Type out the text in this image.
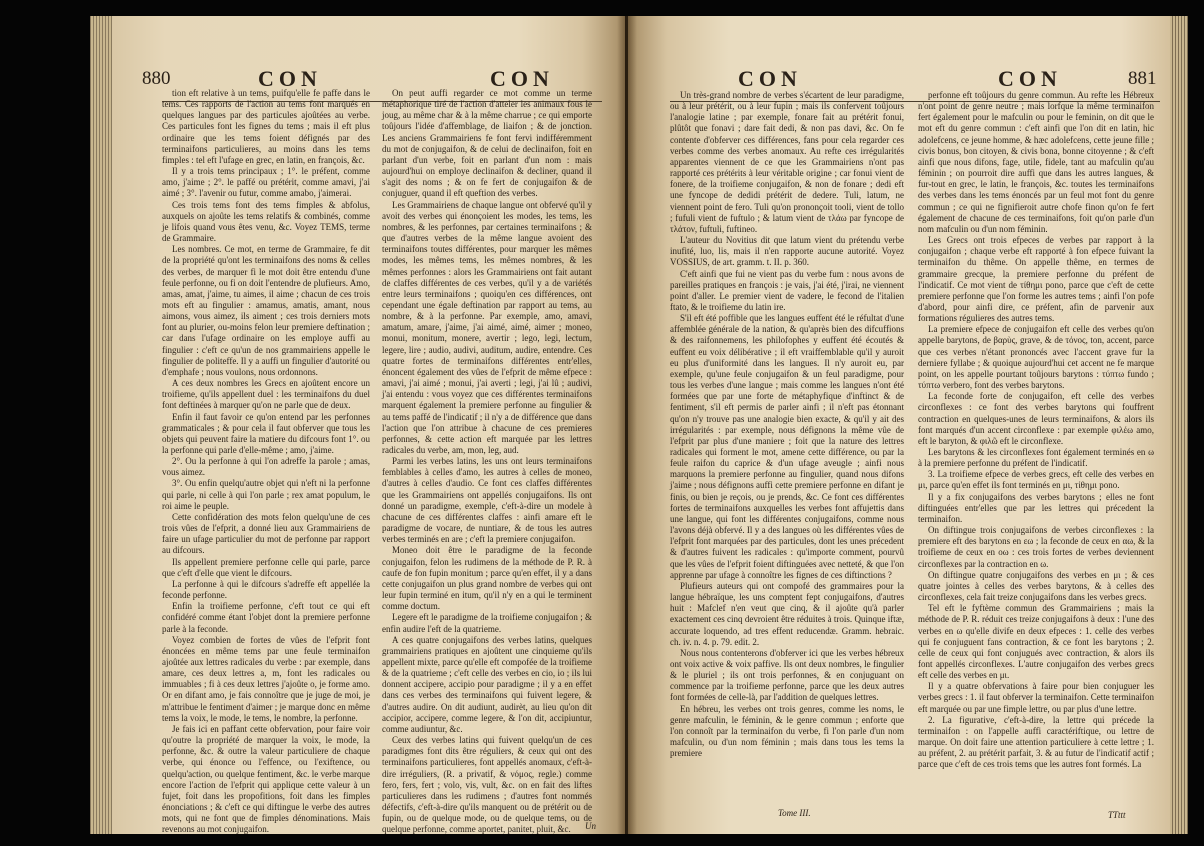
880	CON	CON

tion eft relative à un tems, puifqu'elle fe paffe dans le tems. Ces rapports de l'action au tems font marqués en quelques langues par des particules ajoûtées au verbe. Ces particules font les fignes du tems ; mais il eft plus ordinaire que les tems foient défignés par des terminaifons particulieres, au moins dans les tems fimples : tel eft l'ufage en grec, en latin, en françois, &c.

Il y a trois tems principaux ; 1°. le préfent, comme amo, j'aime ; 2°. le paffé ou prétérit, comme amavi, j'ai aimé ; 3°. l'avenir ou futur, comme amabo, j'aimerai.

Ces trois tems font des tems fimples & abfolus, auxquels on ajoûte les tems relatifs & combinés, comme je lifois quand vous êtes venu, &c. Voyez TEMS, terme de Grammaire.

Les nombres. Ce mot, en terme de Grammaire, fe dit de la propriété qu'ont les terminaifons des noms & celles des verbes, de marquer fi le mot doit être entendu d'une feule perfonne, ou fi on doit l'entendre de plufieurs. Amo, amas, amat, j'aime, tu aimes, il aime ; chacun de ces trois mots eft au fingulier : amamus, amatis, amant, nous aimons, vous aimez, ils aiment ; ces trois derniers mots font au plurier, ou-moins felon leur premiere deftination ; car dans l'ufage ordinaire on les employe auffi au fingulier : c'eft ce qu'un de nos grammairiens appelle le fingulier de politeffe. Il y a auffi un fingulier d'autorité ou d'emphafe ; nous voulons, nous ordonnons.

A ces deux nombres les Grecs en ajoûtent encore un troifieme, qu'ils appellent duel : les terminaifons du duel font deftinées à marquer qu'on ne parle que de deux.

Enfin il faut favoir ce qu'on entend par les perfonnes grammaticales ; & pour cela il faut obferver que tous les objets qui peuvent faire la matiere du difcours font 1°. ou la perfonne qui parle d'elle-même ; amo, j'aime.

2°. Ou la perfonne à qui l'on adreffe la parole ; amas, vous aimez.

3°. Ou enfin quelqu'autre objet qui n'eft ni la perfonne qui parle, ni celle à qui l'on parle ; rex amat populum, le roi aime le peuple.

Cette confidération des mots felon quelqu'une de ces trois vûes de l'efprit, a donné lieu aux Grammairiens de faire un ufage particulier du mot de perfonne par rapport au difcours.

Ils appellent premiere perfonne celle qui parle, parce que c'eft d'elle que vient le difcours.

La perfonne à qui le difcours s'adreffe eft appellée la feconde perfonne.

Enfin la troifieme perfonne, c'eft tout ce qui eft confidéré comme étant l'objet dont la premiere perfonne parle à la feconde.

Voyez combien de fortes de vûes de l'efprit font énoncées en même tems par une feule terminaifon ajoûtée aux lettres radicales du verbe : par exemple, dans amare, ces deux lettres a, m, font les radicales ou immuables ; fi à ces deux lettres j'ajoûte o, je forme amo. Or en difant amo, je fais connoître que je juge de moi, je m'attribue le fentiment d'aimer ; je marque donc en même tems la voix, le mode, le tems, le nombre, la perfonne.

Je fais ici en paffant cette obfervation, pour faire voir qu'outre la propriété de marquer la voix, le mode, la perfonne, &c. & outre la valeur particuliere de chaque verbe, qui énonce ou l'effence, ou l'exiftence, ou quelqu'action, ou quelque fentiment, &c. le verbe marque encore l'action de l'efprit qui applique cette valeur à un fujet, foit dans les propofitions, foit dans les fimples énonciations ; & c'eft ce qui diftingue le verbe des autres mots, qui ne font que de fimples dénominations. Mais revenons au mot conjugaifon.

On peut auffi regarder ce mot comme un terme métaphorique tiré de l'action d'atteler les animaux fous le joug, au même char & à la même charrue ; ce qui emporte toûjours l'idée d'affemblage, de liaifon ; & de jonction. Les anciens Grammairiens fe font fervi indifféremment du mot de conjugaifon, & de celui de declinaifon, foit en parlant d'un verbe, foit en parlant d'un nom : mais aujourd'hui on employe declinaifon & decliner, quand il s'agit des noms ; & on fe fert de conjugaifon & de conjuguer, quand il eft queftion des verbes.

Les Grammairiens de chaque langue ont obfervé qu'il y avoit des verbes qui énonçoient les modes, les tems, les nombres, & les perfonnes, par certaines terminaifons ; & que d'autres verbes de la même langue avoient des terminaifons toutes différentes, pour marquer les mêmes modes, les mêmes tems, les mêmes nombres, & les mêmes perfonnes : alors les Grammairiens ont fait autant de claffes différentes de ces verbes, qu'il y a de variétés entre leurs terminaifons ; quoiqu'en ces différences, ont cependant une égale deftination par rapport au tems, au nombre, & à la perfonne. Par exemple, amo, amavi, amatum, amare, j'aime, j'ai aimé, aimé, aimer ; moneo, monui, monitum, monere, avertir ; lego, legi, lectum, legere, lire ; audio, audivi, auditum, audire, entendre. Ces quatre fortes de terminaifons différentes entr'elles, énoncent également des vûes de l'efprit de même efpece : amavi, j'ai aimé ; monui, j'ai averti ; legi, j'ai lû ; audivi, j'ai entendu : vous voyez que ces différentes terminaifons marquent également la premiere perfonne au fingulier & au tems paffé de l'indicatif ; il n'y a de différence que dans l'action que l'on attribue à chacune de ces premieres perfonnes, & cette action eft marquée par les lettres radicales du verbe, am, mon, leg, aud.

Parmi les verbes latins, les uns ont leurs terminaifons femblables à celles d'amo, les autres à celles de moneo, d'autres à celles d'audio. Ce font ces claffes différentes que les Grammairiens ont appellés conjugaifons. Ils ont donné un paradigme, exemple, c'eft-à-dire un modele à chacune de ces différentes claffes : ainfi amare eft le paradigme de vocare, de nuntiare, & de tous les autres verbes terminés en are ; c'eft la premiere conjugaifon.

Moneo doit être le paradigme de la feconde conjugaifon, felon les rudimens de la méthode de P. R. à caufe de fon fupin monitum ; parce qu'en effet, il y a dans cette conjugaifon un plus grand nombre de verbes qui ont leur fupin terminé en itum, qu'il n'y en a qui le terminent comme doctum.

Legere eft le paradigme de la troifieme conjugaifon ; & enfin audire l'eft de la quatrieme.

A ces quatre conjugaifons des verbes latins, quelques grammairiens pratiques en ajoûtent une cinquieme qu'ils appellent mixte, parce qu'elle eft compofée de la troifieme & de la quatrieme ; c'eft celle des verbes en cio, io ; ils lui donnent accipere, accipio pour paradigme ; il y a en effet dans ces verbes des terminaifons qui fuivent legere, & d'autres audire. On dit audiunt, audirèt, au lieu qu'on dit accipior, accipere, comme legere, & l'on dit, accipiuntur, comme audiuntur, &c.

Ceux des verbes latins qui fuivent quelqu'un de ces paradigmes font dits être réguliers, & ceux qui ont des terminaifons particulieres, font appellés anomaux, c'eft-à-dire irréguliers, (R. a privatif, & νόμος, regle.) comme fero, fers, fert ; volo, vis, vult, &c. on en fait des liftes particulieres dans les rudimens ; d'autres font nommés défectifs, c'eft-à-dire qu'ils manquent ou de prétérit ou de fupin, ou de quelque mode, ou de quelque tems, ou de quelque perfonne, comme aportet, panitet, pluit, &c.	Un
881
CON	CON

Un très-grand nombre de verbes s'écartent de leur paradigme, ou à leur prétérit, ou à leur fupin ; mais ils confervent toûjours l'analogie latine ; par exemple, fonare fait au prétérit fonui, plûtôt que fonavi ; dare fait dedi, & non pas davi, &c. On fe contente d'obferver ces différences, fans pour cela regarder ces verbes comme des verbes anomaux. Au refte ces irrégularités apparentes viennent de ce que les Grammairiens n'ont pas rapporté ces prétérits à leur véritable origine ; car fonui vient de fonere, de la troifieme conjugaifon, & non de fonare ; dedi eft une fyncope de dedidi prétérit de dedere. Tuli, latum, ne viennent point de fero. Tuli qu'on prononçoit tooli, vient de tollo ; fufuli vient de fuftulo ; & latum vient de τλάω par fyncope de τλάτον, fuftuli, fuftineo.

L'auteur du Novitius dit que latum vient du prétendu verbe inufité, luo, lis, mais il n'en rapporte aucune autorité. Voyez VOSSIUS, de art. gramm. t. II. p. 360.

C'eft ainfi que fui ne vient pas du verbe fum : nous avons de pareilles pratiques en françois : je vais, j'ai été, j'irai, ne viennent point d'aller. Le premier vient de vadere, le fecond de l'italien ftato, & le troifieme du latin ire.

S'il eft été poffible que les langues euffent été le réfultat d'une affemblée générale de la nation, & qu'après bien des difcuffions & des raifonnemens, les philofophes y euffent été écoutés & euffent eu voix délibérative ; il eft vraiffemblable qu'il y auroit eu plus d'uniformité dans les langues. Il n'y auroit eu, par exemple, qu'une feule conjugaifon & un feul paradigme, pour tous les verbes d'une langue ; mais comme les langues n'ont été formées que par une forte de métaphyfique d'inftinct & de fentiment, s'il eft permis de parler ainfi ; il n'eft pas étonnant qu'on n'y trouve pas une analogie bien exacte, & qu'il y ait des irrégularités : par exemple, nous défignons la même vûe de l'efprit par plus d'une maniere ; foit que la nature des lettres radicales qui forment le mot, amene cette différence, ou par la feule raifon du caprice & d'un ufage aveugle ; ainfi nous marquons la premiere perfonne au fingulier, quand nous difons j'aime ; nous défignons auffi cette premiere perfonne en difant je finis, ou bien je reçois, ou je prends, &c. Ce font ces différentes fortes de terminaifons auxquelles les verbes font affujettis dans une langue, qui font les différentes conjugaifons, comme nous l'avons déjà obfervé. Il y a des langues où les différentes vûes de l'efprit font marquées par des particules, dont les unes précedent & d'autres fuivent les radicales : qu'importe comment, pourvû que les vûes de l'efprit foient diftinguées avec netteté, & que l'on apprenne par ufage à connoître les fignes de ces diftinctions ?

Plufieurs auteurs qui ont compofé des grammaires pour la langue hébraïque, les uns comptent fept conjugaifons, d'autres huit : Mafclef n'en veut que cinq, & il ajoûte qu'à parler exactement ces cinq devroient être réduites à trois. Quinque iftæ, accurate loquendo, ad tres effent reducendæ. Gramm. hebraic. ch. iv. n. 4. p. 79. edit. 2.

Nous nous contenterons d'obferver ici que les verbes hébreux ont voix active & voix paffive. Ils ont deux nombres, le fingulier & le pluriel ; ils ont trois perfonnes, & en conjuguant on commence par la troifieme perfonne, parce que les deux autres font formées de celle-là, par l'addition de quelques lettres.

En hébreu, les verbes ont trois genres, comme les noms, le genre mafculin, le féminin, & le genre commun ; enforte que l'on connoît par la terminaifon du verbe, fi l'on parle d'un nom mafculin, ou d'un nom féminin ; mais dans tous les tems la premiere

perfonne eft toûjours du genre commun. Au refte les Hébreux n'ont point de genre neutre ; mais lorfque la même terminaifon fert également pour le mafculin ou pour le feminin, on dit que le mot eft du genre commun : c'eft ainfi que l'on dit en latin, hic adolefcens, ce jeune homme, & hæc adolefcens, cette jeune fille ; civis bonus, bon citoyen, & civis bona, bonne citoyenne ; & c'eft ainfi que nous difons, fage, utile, fidele, tant au mafculin qu'au féminin ; on pourroit dire auffi que dans les autres langues, & fur-tout en grec, le latin, le françois, &c. toutes les terminaifons des verbes dans les tems énoncés par un feul mot font du genre commun ; ce qui ne fignifieroit autre chofe finon qu'on fe fert également de chacune de ces terminaifons, foit qu'on parle d'un nom mafculin ou d'un nom féminin.

Les Grecs ont trois efpeces de verbes par rapport à la conjugaifon ; chaque verbe eft rapporté à fon efpece fuivant la terminaifon du thême. On appelle thême, en termes de grammaire grecque, la premiere perfonne du préfent de l'indicatif. Ce mot vient de τίθημι pono, parce que c'eft de cette premiere perfonne que l'on forme les autres tems ; ainfi l'on pofe d'abord, pour ainfi dire, ce préfent, afin de parvenir aux formations régulieres des autres tems.

La premiere efpece de conjugaifon eft celle des verbes qu'on appelle barytons, de βαρὺς, grave, & de τόνος, ton, accent, parce que ces verbes n'étant prononcés avec l'accent grave fur la derniere fyllabe ; & quoique aujourd'hui cet accent ne fe marque point, on les appelle pourtant toûjours barytons : τύπτω fundo ; τύπτω verbero, font des verbes barytons.

La feconde forte de conjugaifon, eft celle des verbes circonflexes : ce font des verbes barytons qui fouffrent contraction en quelques-unes de leurs terminaifons, & alors ils font marqués d'un accent circonflexe : par exemple φιλέω amo, eft le baryton, & φιλῶ eft le circonflexe.

Les barytons & les circonflexes font également terminés en ω à la premiere perfonne du préfent de l'indicatif.

3. La troifieme efpece de verbes grecs, eft celle des verbes en μι, parce qu'en effet ils font terminés en μι, τίθημι pono.

Il y a fix conjugaifons des verbes barytons ; elles ne font diftinguées entr'elles que par les lettres qui précedent la terminaifon.

On diftingue trois conjugaifons de verbes circonflexes : la premiere eft des barytons en εω ; la feconde de ceux en αω, & la troifieme de ceux en οω : ces trois fortes de verbes deviennent circonflexes par la contraction en ω.

On diftingue quatre conjugaifons des verbes en μι ; & ces quatre jointes à celles des verbes barytons, & à celles des circonflexes, cela fait treize conjugaifons dans les verbes grecs.

Tel eft le fyftème commun des Grammairiens ; mais la méthode de P. R. réduit ces treize conjugaifons à deux : l'une des verbes en ω qu'elle divife en deux efpeces : 1. celle des verbes qui fe conjuguent fans contraction, & ce font les barytons ; 2. celle de ceux qui font conjugués avec contraction, & alors ils font appellés circonflexes. L'autre conjugaifon des verbes grecs eft celle des verbes en μι.

Il y a quatre obfervations à faire pour bien conjuguer les verbes grecs : 1. il faut obferver la terminaifon. Cette terminaifon eft marquée ou par une fimple lettre, ou par plus d'une lettre.

2. La figurative, c'eft-à-dire, la lettre qui précede la terminaifon : on l'appelle auffi caractériftique, ou lettre de marque. On doit faire une attention particuliere à cette lettre ; 1. au préfent, 2. au prétérit parfait, 3. & au futur de l'indicatif actif ; parce que c'eft de ces trois tems que les autres font formés. La

Tome III.	TTttt
